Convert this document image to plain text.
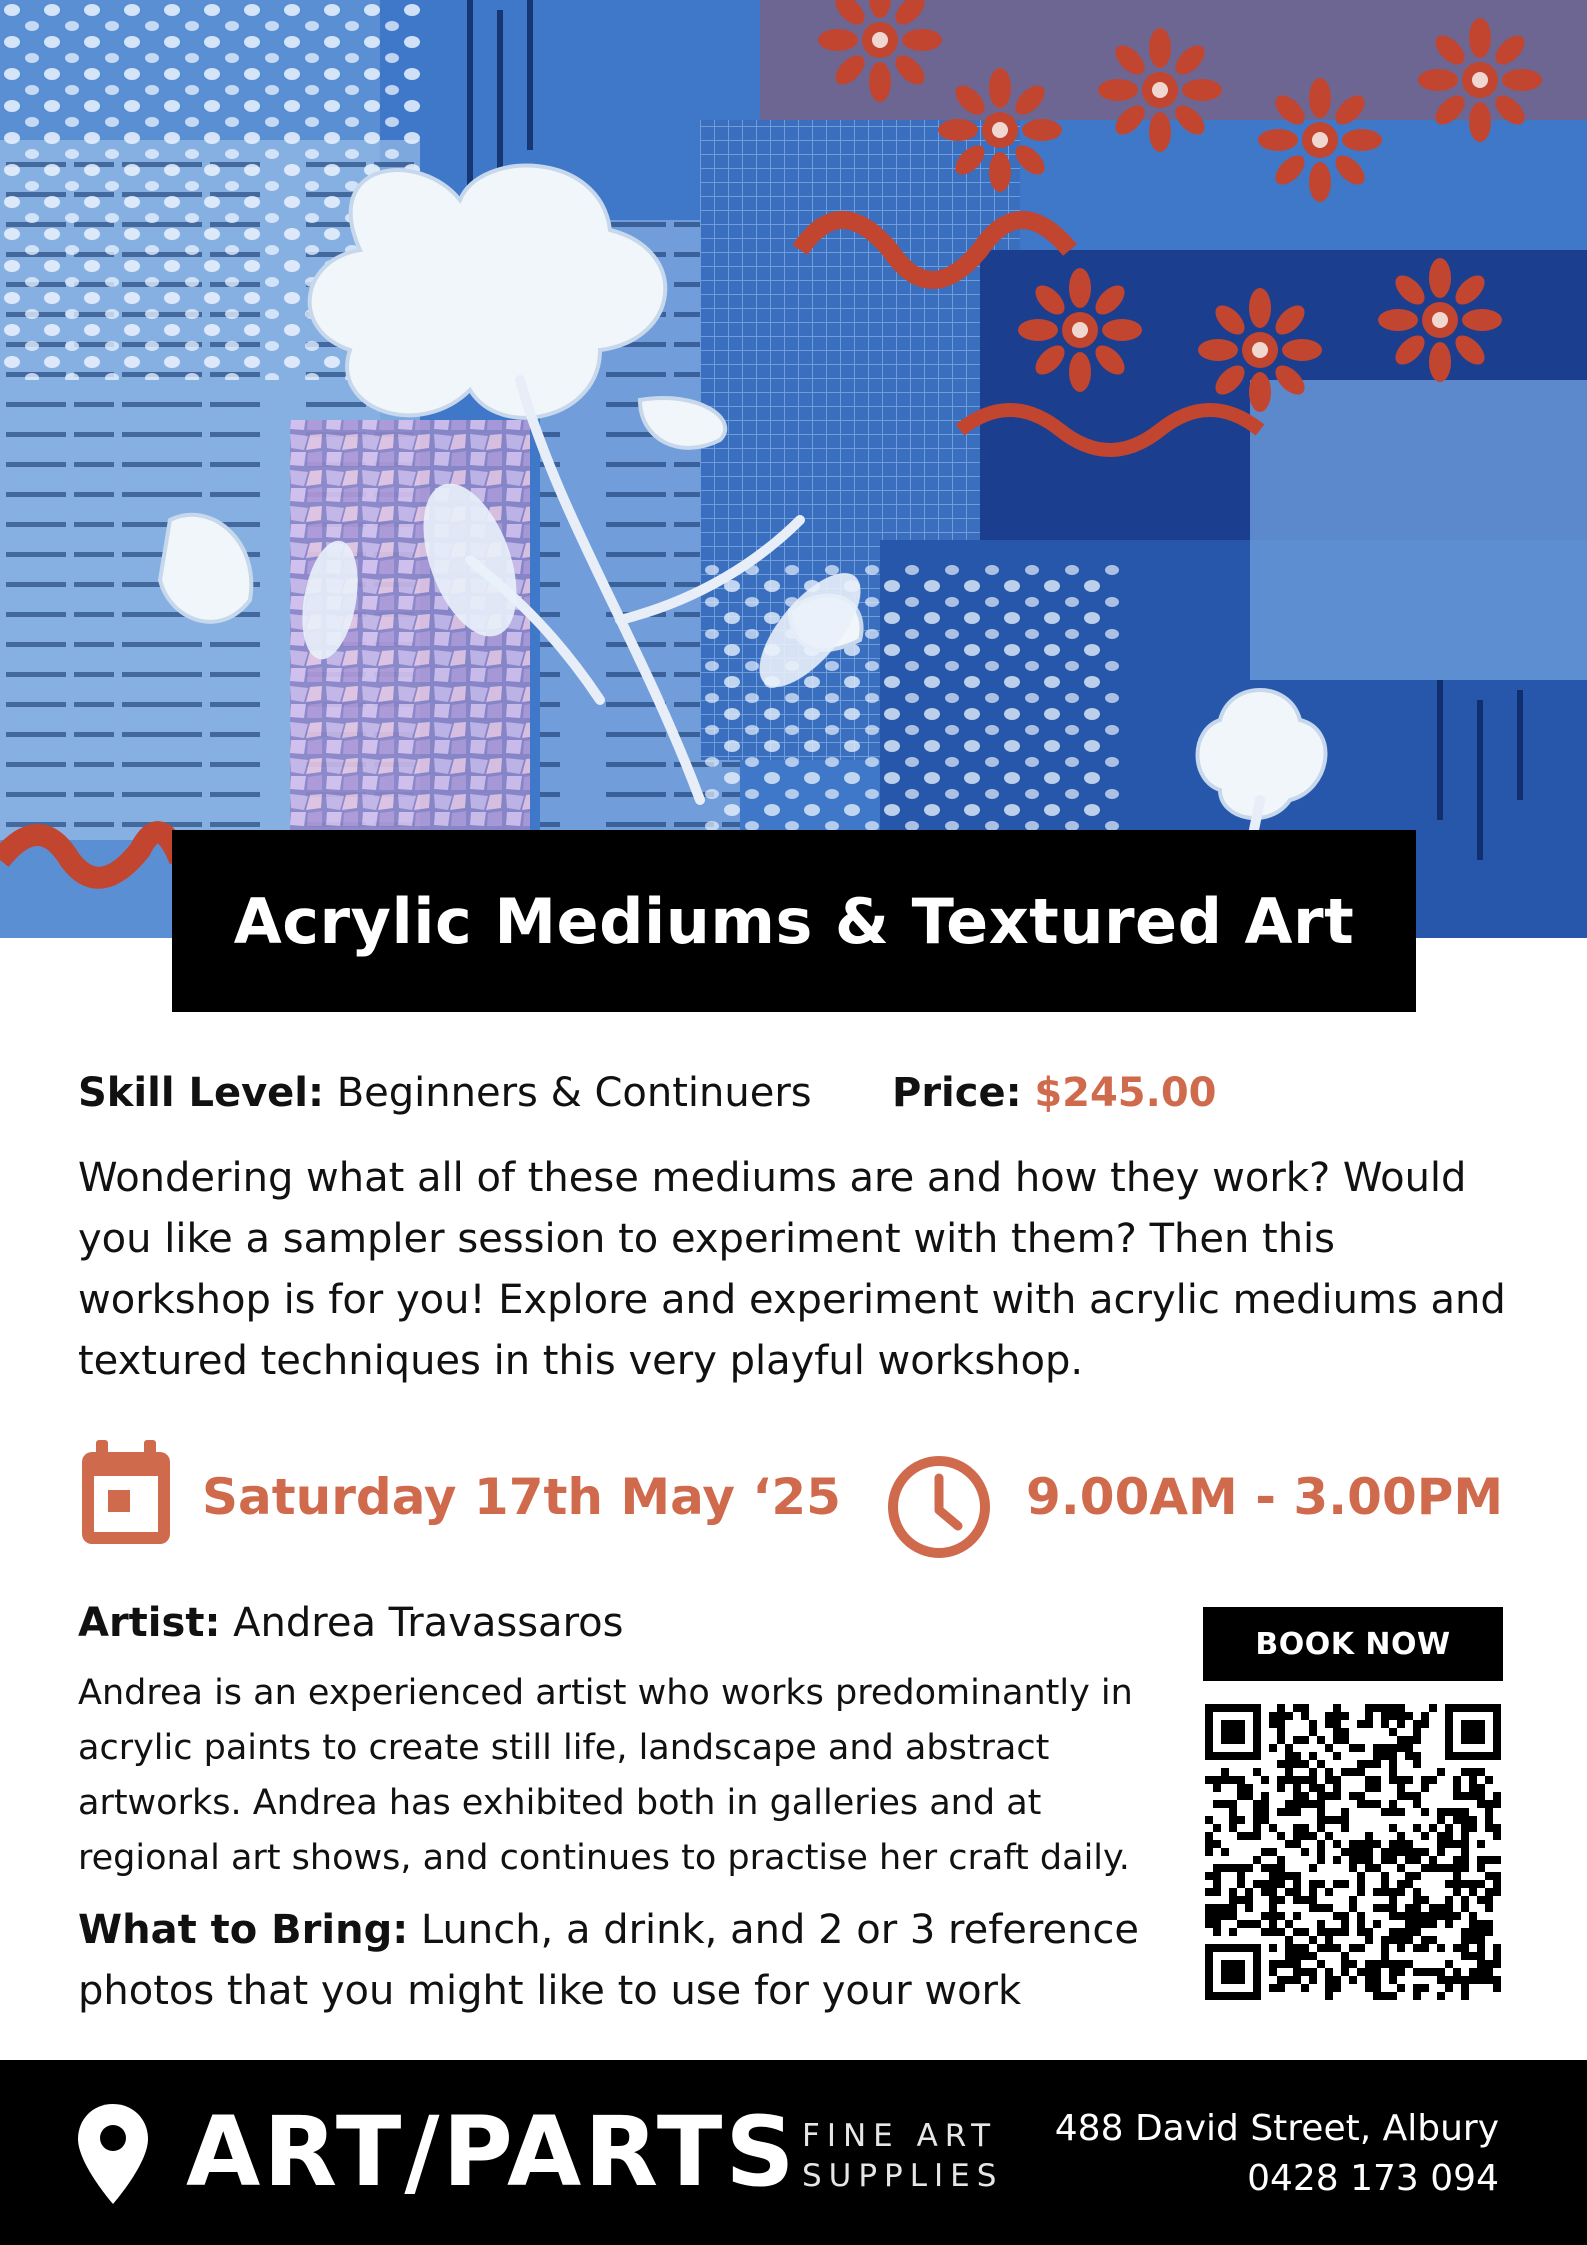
Acrylic Mediums & Textured Art
Skill Level: Beginners & Continuers Price: $245.00

Wondering what all of these mediums are and how they work? Would you like a sampler session to experiment with them? Then this workshop is for you! Explore and experiment with acrylic mediums and textured techniques in this very playful workshop.

Saturday 17th May ‘25	9.00AM - 3.00PM
Artist: Andrea Travassaros

Andrea is an experienced artist who works predominantly in acrylic paints to create still life, landscape and abstract artworks. Andrea has exhibited both in galleries and at regional art shows, and continues to practise her craft daily.

What to Bring: Lunch, a drink, and 2 or 3 reference photos that you might like to use for your work

BOOK NOW
ART/PARTS FINE ART
SUPPLIES
488 David Street, Albury
0428 173 094
